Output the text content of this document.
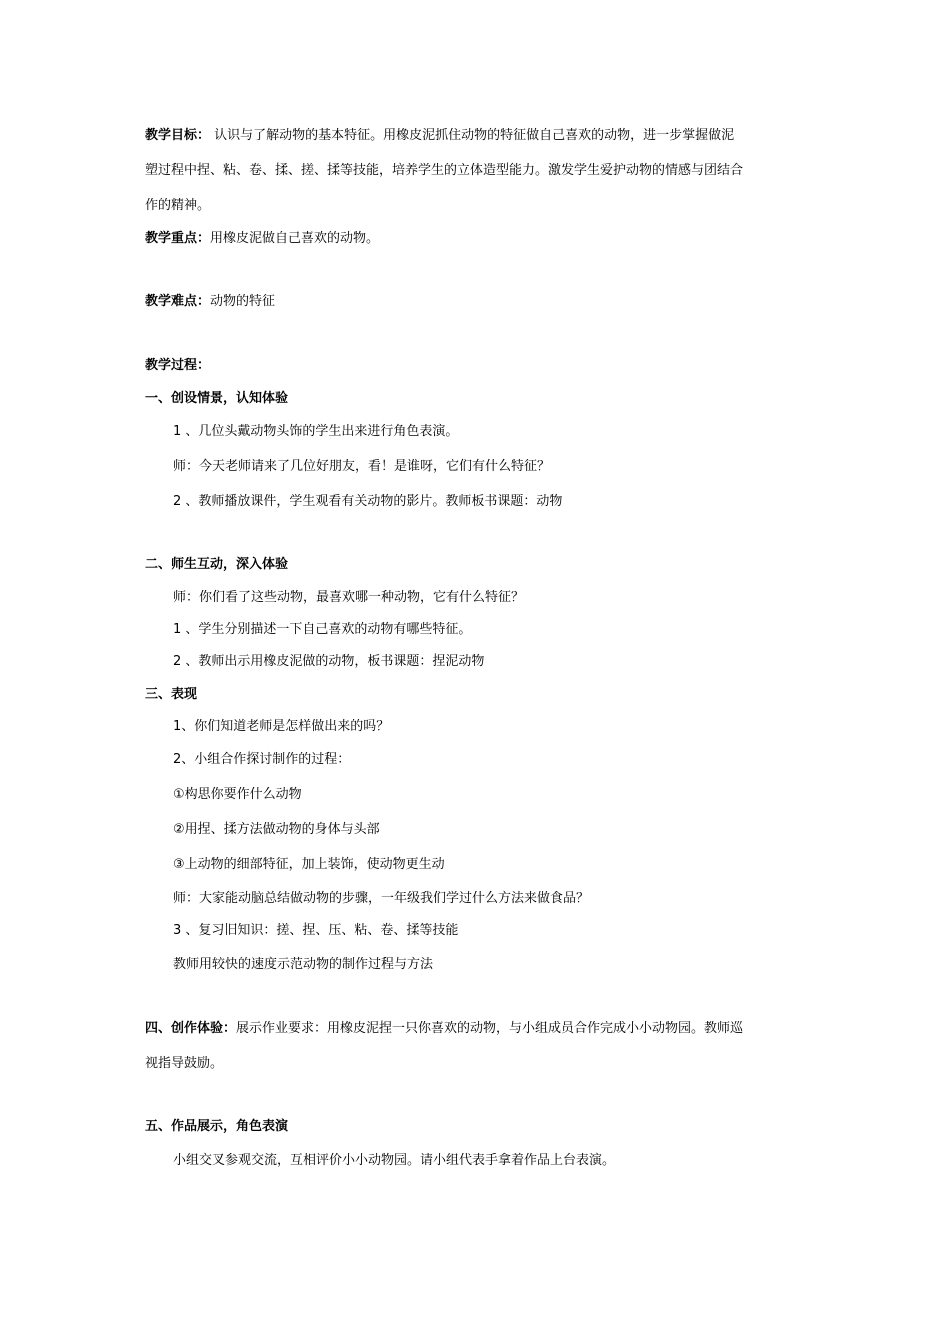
教学目标： 认识与了解动物的基本特征。用橡皮泥抓住动物的特征做自己喜欢的动物，进一步掌握做泥
塑过程中捏、粘、卷、揉、搓、揉等技能，培养学生的立体造型能力。激发学生爱护动物的情感与团结合
作的精神。
教学重点：用橡皮泥做自己喜欢的动物。
教学难点：动物的特征
教学过程：
一、创设情景，认知体验
1 、几位头戴动物头饰的学生出来进行角色表演。
师：今天老师请来了几位好朋友，看！是谁呀，它们有什么特征？
2 、教师播放课件，学生观看有关动物的影片。教师板书课题：动物
二、师生互动，深入体验
师：你们看了这些动物，最喜欢哪一种动物，它有什么特征？
1 、学生分别描述一下自己喜欢的动物有哪些特征。
2 、教师出示用橡皮泥做的动物，板书课题：捏泥动物
三、表现
1、你们知道老师是怎样做出来的吗？
2、小组合作探讨制作的过程：
①构思你要作什么动物
②用捏、揉方法做动物的身体与头部
③上动物的细部特征，加上装饰，使动物更生动
师：大家能动脑总结做动物的步骤，一年级我们学过什么方法来做食品？
3 、复习旧知识：搓、捏、压、粘、卷、揉等技能
教师用较快的速度示范动物的制作过程与方法
四、创作体验：展示作业要求：用橡皮泥捏一只你喜欢的动物，与小组成员合作完成小小动物园。教师巡
视指导鼓励。
五、作品展示，角色表演
小组交叉参观交流，互相评价小小动物园。请小组代表手拿着作品上台表演。
